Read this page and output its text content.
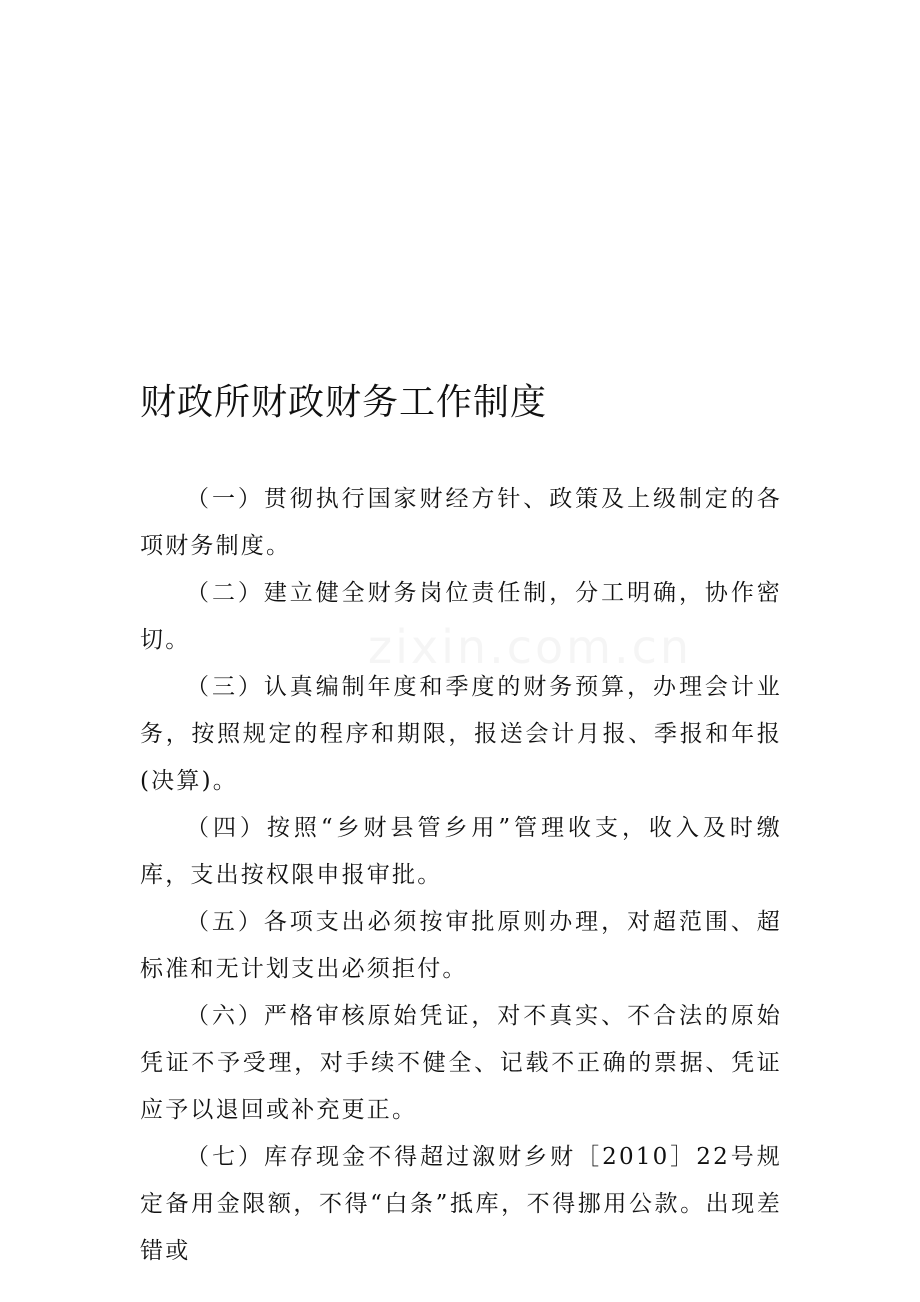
财政所财政财务工作制度
zixin.com.cn

（一）贯彻执行国家财经方针、政策及上级制定的各项财务制度。

（二）建立健全财务岗位责任制，分工明确，协作密切。

（三）认真编制年度和季度的财务预算，办理会计业务，按照规定的程序和期限，报送会计月报、季报和年报(决算)。

（四）按照“乡财县管乡用”管理收支，收入及时缴库，支出按权限申报审批。

（五）各项支出必须按审批原则办理，对超范围、超标准和无计划支出必须拒付。

（六）严格审核原始凭证，对不真实、不合法的原始凭证不予受理，对手续不健全、记载不正确的票据、凭证应予以退回或补充更正。

（七）库存现金不得超过溆财乡财［2010］22号规定备用金限额，不得“白条”抵库，不得挪用公款。出现差错或
